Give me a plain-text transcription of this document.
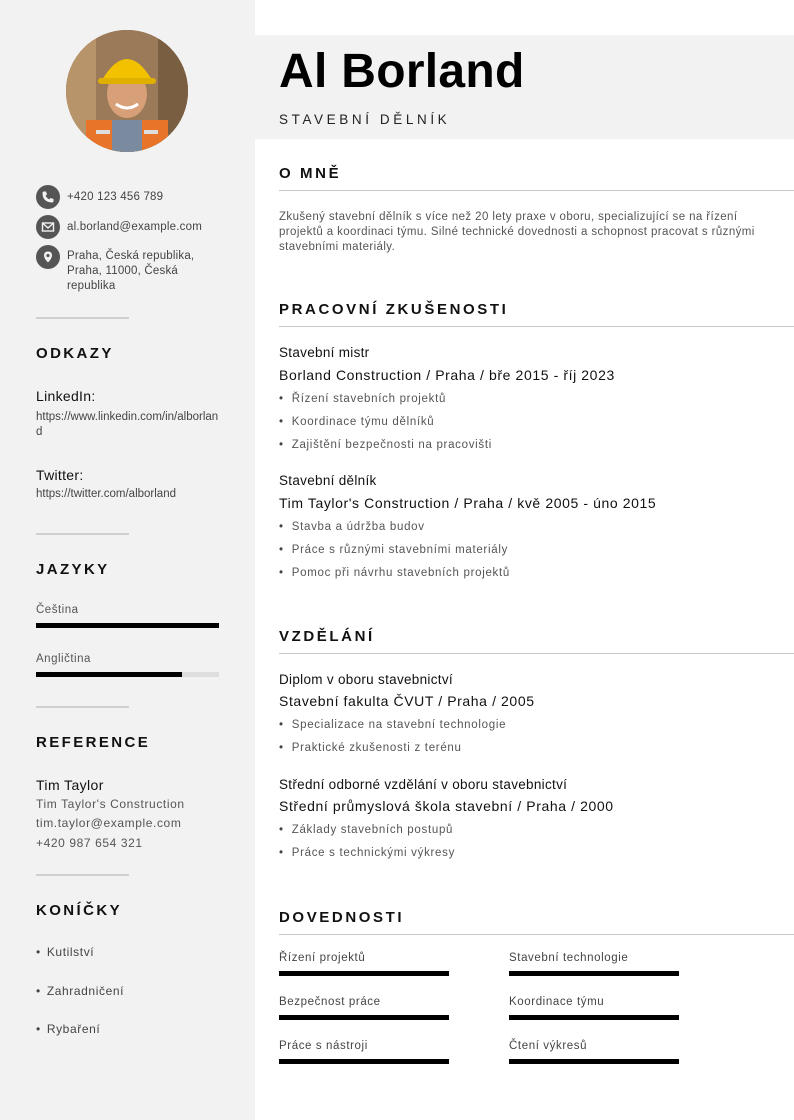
+420 123 456 789
al.borland@example.com
Praha, Česká republika, Praha, 11000, Česká republika
ODKAZY
LinkedIn:
https://www.linkedin.com/in/alborland
Twitter:
https://twitter.com/alborland
JAZYKY
Čeština
Angličtina
REFERENCE
Tim Taylor
Tim Taylor's Construction
tim.taylor@example.com
+420 987 654 321
KONÍČKY
• Kutilství
• Zahradničení
• Rybaření
Al Borland
STAVEBNÍ DĚLNÍK
O MNĚ
Zkušený stavební dělník s více než 20 lety praxe v oboru, specializující se na řízení projektů a koordinaci týmu. Silné technické dovednosti a schopnost pracovat s různými stavebními materiály.
PRACOVNÍ ZKUŠENOSTI
Stavební mistr
Borland Construction / Praha / bře 2015 - říj 2023
• Řízení stavebních projektů
• Koordinace týmu dělníků
• Zajištění bezpečnosti na pracovišti
Stavební dělník
Tim Taylor's Construction / Praha / kvě 2005 - úno 2015
• Stavba a údržba budov
• Práce s různými stavebními materiály
• Pomoc při návrhu stavebních projektů
VZDĚLÁNÍ
Diplom v oboru stavebnictví
Stavební fakulta ČVUT / Praha / 2005
• Specializace na stavební technologie
• Praktické zkušenosti z terénu
Střední odborné vzdělání v oboru stavebnictví
Střední průmyslová škola stavební / Praha / 2000
• Základy stavebních postupů
• Práce s technickými výkresy
DOVEDNOSTI
Řízení projektů	Stavební technologie
Bezpečnost práce	Koordinace týmu
Práce s nástroji	Čtení výkresů
